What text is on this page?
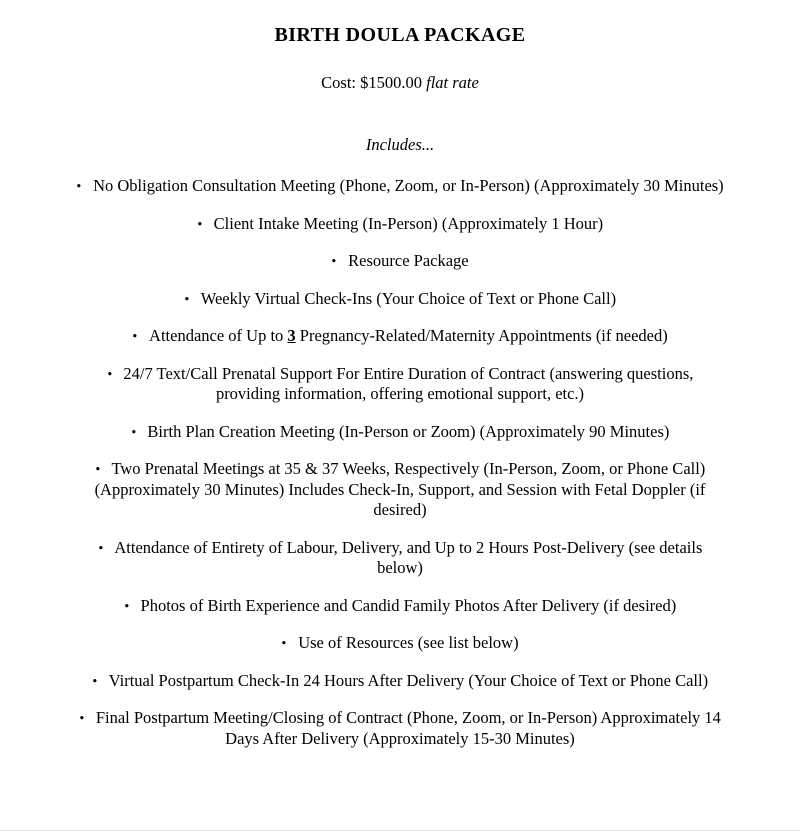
BIRTH DOULA PACKAGE

Cost: $1500.00 flat rate

Includes...

• No Obligation Consultation Meeting (Phone, Zoom, or In-Person) (Approximately 30 Minutes)
• Client Intake Meeting (In-Person) (Approximately 1 Hour)
• Resource Package
• Weekly Virtual Check-Ins (Your Choice of Text or Phone Call)
• Attendance of Up to 3 Pregnancy-Related/Maternity Appointments (if needed)
• 24/7 Text/Call Prenatal Support For Entire Duration of Contract (answering questions, providing information, offering emotional support, etc.)
• Birth Plan Creation Meeting (In-Person or Zoom) (Approximately 90 Minutes)
• Two Prenatal Meetings at 35 & 37 Weeks, Respectively (In-Person, Zoom, or Phone Call) (Approximately 30 Minutes) Includes Check-In, Support, and Session with Fetal Doppler (if desired)
• Attendance of Entirety of Labour, Delivery, and Up to 2 Hours Post-Delivery (see details below)
• Photos of Birth Experience and Candid Family Photos After Delivery (if desired)
• Use of Resources (see list below)
• Virtual Postpartum Check-In 24 Hours After Delivery (Your Choice of Text or Phone Call)
• Final Postpartum Meeting/Closing of Contract (Phone, Zoom, or In-Person) Approximately 14 Days After Delivery (Approximately 15-30 Minutes)
